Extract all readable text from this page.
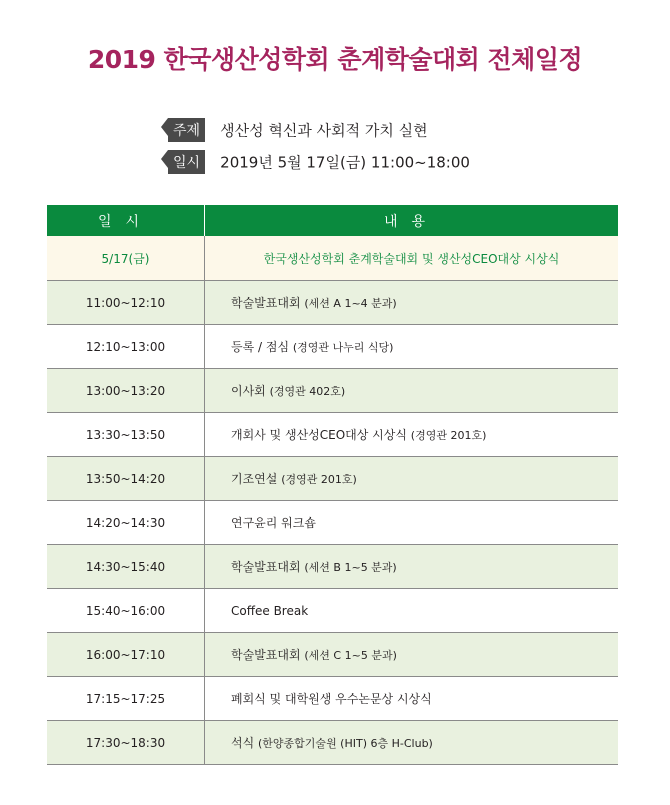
2019 한국생산성학회 춘계학술대회 전체일정
주제 생산성 혁신과 사회적 가치 실현
일시 2019년 5월 17일(금) 11:00~18:00
일시	내용
5/17(금)	한국생산성학회 춘계학술대회 및 생산성CEO대상 시상식
11:00~12:10	학술발표대회 (세션 A 1~4 분과)
12:10~13:00	등록 / 점심 (경영관 나누리 식당)
13:00~13:20	이사회 (경영관 402호)
13:30~13:50	개회사 및 생산성CEO대상 시상식 (경영관 201호)
13:50~14:20	기조연설 (경영관 201호)
14:20~14:30	연구윤리 워크숍
14:30~15:40	학술발표대회 (세션 B 1~5 분과)
15:40~16:00	Coffee Break
16:00~17:10	학술발표대회 (세션 C 1~5 분과)
17:15~17:25	폐회식 및 대학원생 우수논문상 시상식
17:30~18:30	석식 (한양종합기술원 (HIT) 6층 H-Club)
